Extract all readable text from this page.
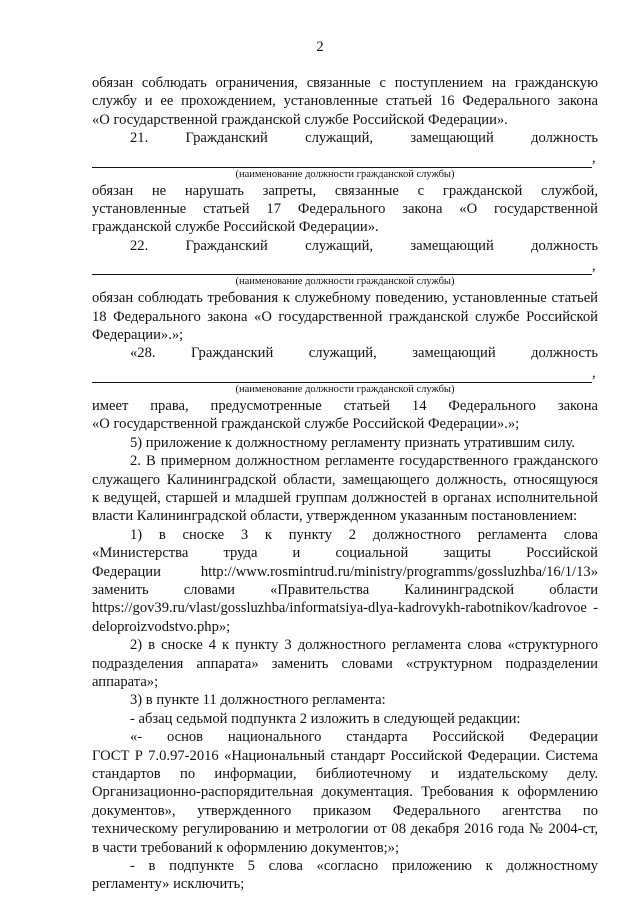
2

обязан соблюдать ограничения, связанные с поступлением на гражданскую

службу и ее прохождением, установленные статьей 16 Федерального закона

«О государственной гражданской службе Российской Федерации».

21. Гражданский служащий, замещающий должность

,

(наименование должности гражданской службы)

обязан не нарушать запреты, связанные с гражданской службой,

установленные статьей 17 Федерального закона «О государственной

гражданской службе Российской Федерации».

22. Гражданский служащий, замещающий должность

,

(наименование должности гражданской службы)

обязан соблюдать требования к служебному поведению, установленные статьей

18 Федерального закона «О государственной гражданской службе Российской

Федерации».»;

«28. Гражданский служащий, замещающий должность

,

(наименование должности гражданской службы)

имеет права, предусмотренные статьей 14 Федерального закона

«О государственной гражданской службе Российской Федерации».»;

5) приложение к должностному регламенту признать утратившим силу.

2. В примерном должностном регламенте государственного гражданского

служащего Калининградской области, замещающего должность, относящуюся

к ведущей, старшей и младшей группам должностей в органах исполнительной

власти Калининградской области, утвержденном указанным постановлением:

1) в сноске 3 к пункту 2 должностного регламента слова

«Министерства труда и социальной защиты Российской

Федерации http://www.rosmintrud.ru/ministry/programms/gossluzhba/16/1/13»

заменить словами «Правительства Калининградской области

https://gov39.ru/vlast/gossluzhba/informatsiya-dlya-kadrovykh-rabotnikov/kadrovoe -

deloproizvodstvo.php»;

2) в сноске 4 к пункту 3 должностного регламента слова «структурного

подразделения аппарата» заменить словами «структурном подразделении

аппарата»;

3) в пункте 11 должностного регламента:

- абзац седьмой подпункта 2 изложить в следующей редакции:

«- основ национального стандарта Российской Федерации

ГОСТ Р 7.0.97-2016 «Национальный стандарт Российской Федерации. Система

стандартов по информации, библиотечному и издательскому делу.

Организационно-распорядительная документация. Требования к оформлению

документов», утвержденного приказом Федерального агентства по

техническому регулированию и метрологии от 08 декабря 2016 года № 2004-ст,

в части требований к оформлению документов;»;

- в подпункте 5 слова «согласно приложению к должностному

регламенту» исключить;
